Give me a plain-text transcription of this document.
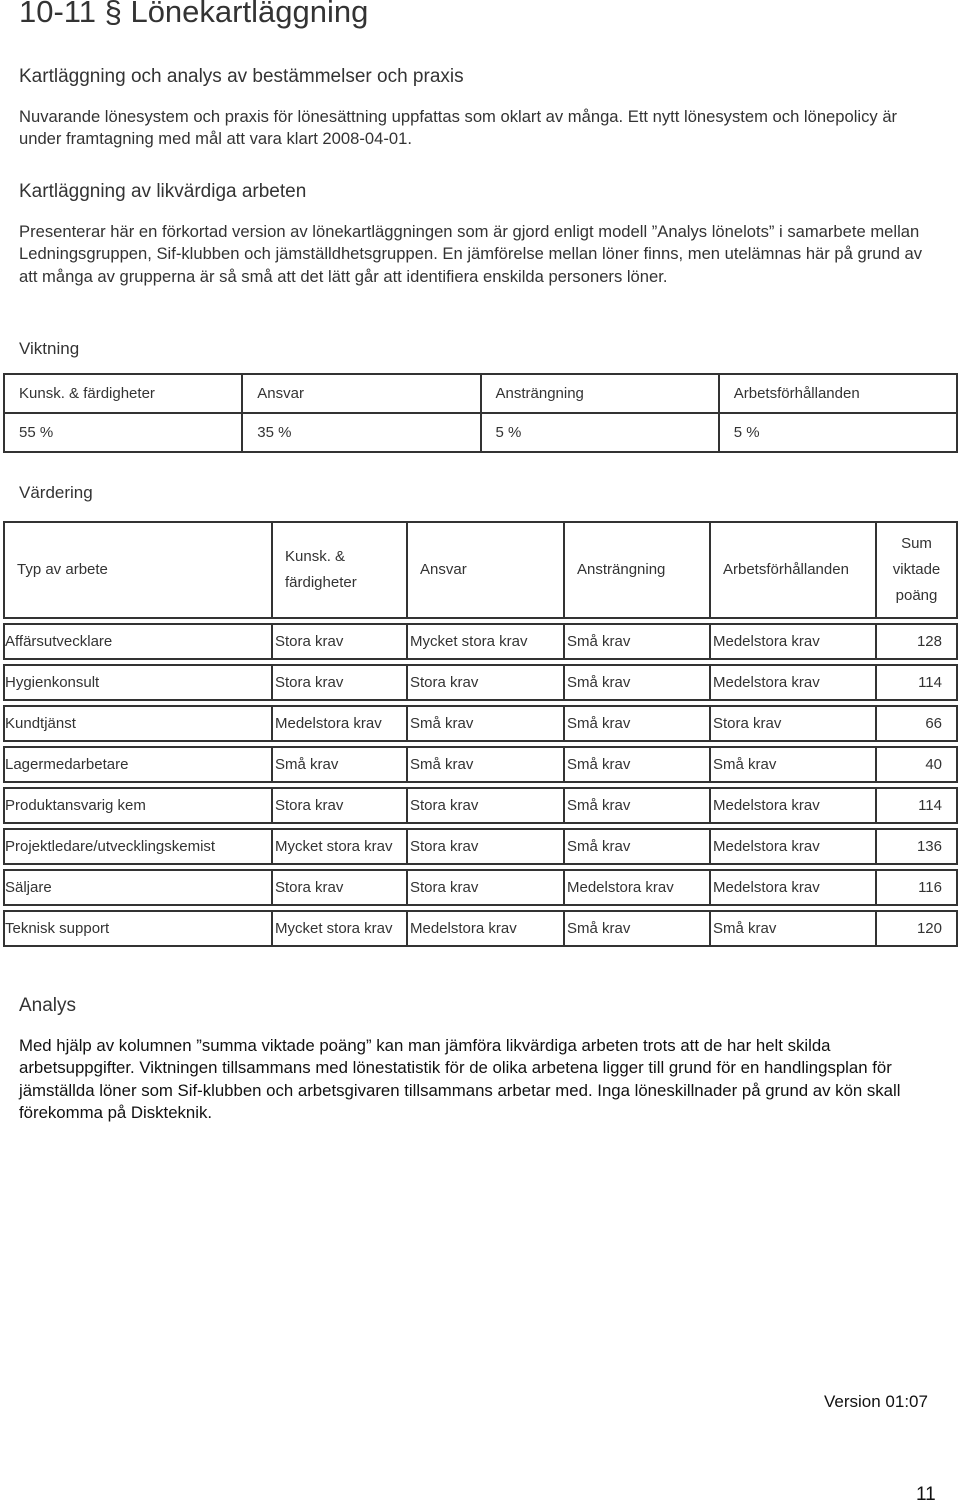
10-11 § Lönekartläggning
Kartläggning och analys av bestämmelser och praxis
Nuvarande lönesystem och praxis för lönesättning uppfattas som oklart av många. Ett nytt lönesystem och lönepolicy är under framtagning med mål att vara klart 2008-04-01.
Kartläggning av likvärdiga arbeten
Presenterar här en förkortad version av lönekartläggningen som är gjord enligt modell ”Analys lönelots” i samarbete mellan Ledningsgruppen, Sif-klubben och jämställdhetsgruppen. En jämförelse mellan löner finns, men utelämnas här på grund av att många av grupperna är så små att det lätt går att identifiera enskilda personers löner.
Viktning
Kunsk. & färdigheter	Ansvar	Ansträngning	Arbetsförhållanden
55 %	35 %	5 %	5 %
Värdering
Typ av arbete	Kunsk. & färdigheter	Ansvar	Ansträngning	Arbetsförhållanden	Sum viktade poäng
Affärsutvecklare	Stora krav	Mycket stora krav	Små krav	Medelstora krav	128
Hygienkonsult	Stora krav	Stora krav	Små krav	Medelstora krav	114
Kundtjänst	Medelstora krav	Små krav	Små krav	Stora krav	66
Lagermedarbetare	Små krav	Små krav	Små krav	Små krav	40
Produktansvarig kem	Stora krav	Stora krav	Små krav	Medelstora krav	114
Projektledare/utvecklingskemist	Mycket stora krav	Stora krav	Små krav	Medelstora krav	136
Säljare	Stora krav	Stora krav	Medelstora krav	Medelstora krav	116
Teknisk support	Mycket stora krav	Medelstora krav	Små krav	Små krav	120
Analys
Med hjälp av kolumnen ”summa viktade poäng” kan man jämföra likvärdiga arbeten trots att de har helt skilda arbetsuppgifter. Viktningen tillsammans med lönestatistik för de olika arbetena ligger till grund för en handlingsplan för jämställda löner som Sif-klubben och arbetsgivaren tillsammans arbetar med. Inga löneskillnader på grund av kön skall förekomma på Diskteknik.
Version 01:07
11
